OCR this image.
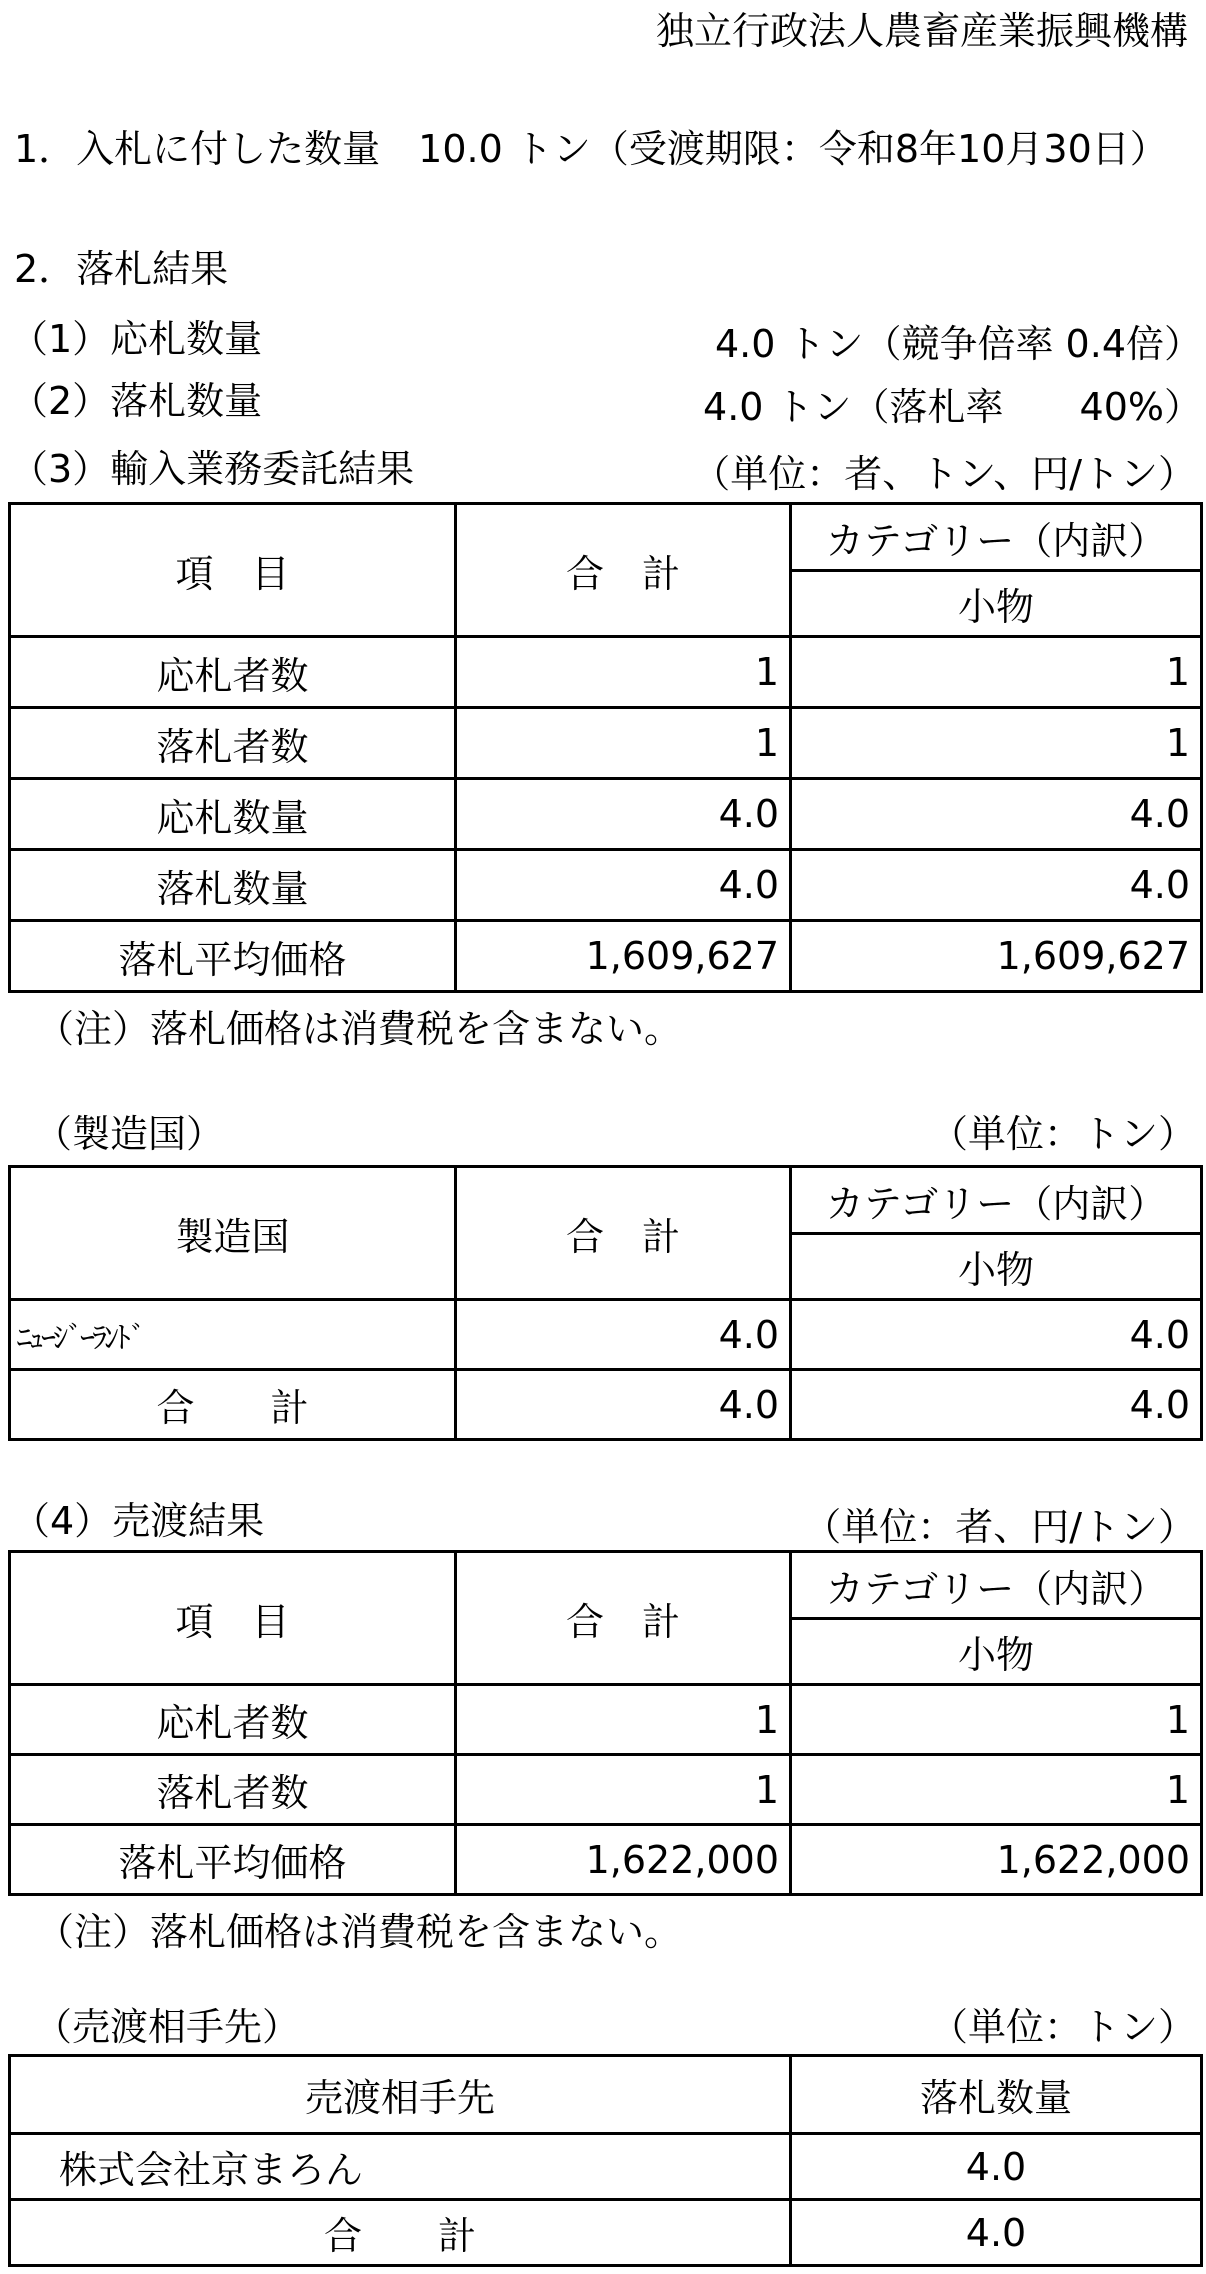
独立行政法人農畜産業振興機構
1．入札に付した数量　10.0 トン（受渡期限：令和8年10月30日）
2．落札結果
（1）応札数量	4.0 トン（競争倍率 0.4倍）
（2）落札数量	4.0 トン（落札率　　40%）
（3）輸入業務委託結果	（単位：者、トン、円/トン）
項　目	合　計	カテゴリー（内訳）
		小物
応札者数	1	1
落札者数	1	1
応札数量	4.0	4.0
落札数量	4.0	4.0
落札平均価格	1,609,627	1,609,627
（注）落札価格は消費税を含まない。
（製造国）	（単位：トン）
製造国	合　計	カテゴリー（内訳）
		小物
ﾆｭｰｼﾞｰﾗﾝﾄﾞ	4.0	4.0
合　　計	4.0	4.0
（4）売渡結果	（単位：者、円/トン）
項　目	合　計	カテゴリー（内訳）
		小物
応札者数	1	1
落札者数	1	1
落札平均価格	1,622,000	1,622,000
（注）落札価格は消費税を含まない。
（売渡相手先）	（単位：トン）
売渡相手先	落札数量
株式会社京まろん	4.0
合　　計	4.0
